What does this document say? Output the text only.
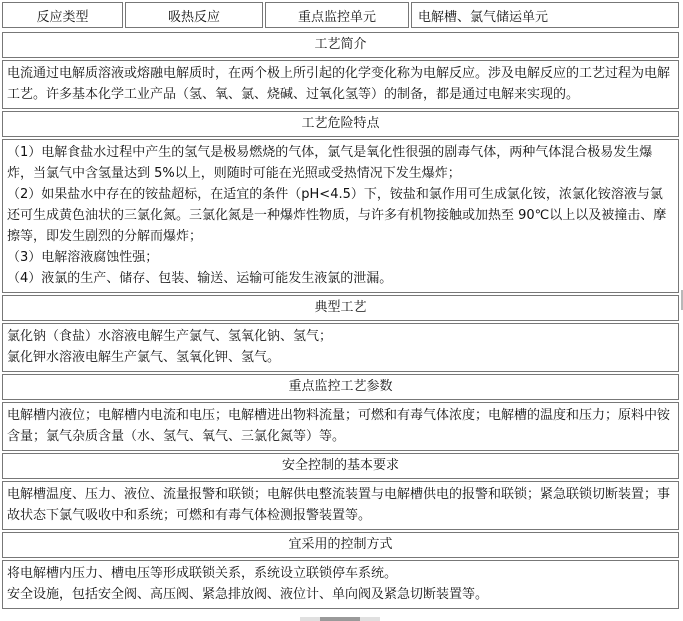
反应类型	吸热反应	重点监控单元	电解槽、氯气储运单元
工艺简介

电流通过电解质溶液或熔融电解质时，在两个极上所引起的化学变化称为电解反应。涉及电解反应的工艺过程为电解工艺。许多基本化学工业产品（氢、氧、氯、烧碱、过氧化氢等）的制备，都是通过电解来实现的。

工艺危险特点

（1）电解食盐水过程中产生的氢气是极易燃烧的气体，氯气是氧化性很强的剧毒气体，两种气体混合极易发生爆炸，当氯气中含氢量达到 5%以上，则随时可能在光照或受热情况下发生爆炸；

（2）如果盐水中存在的铵盐超标，在适宜的条件（pH<4.5）下，铵盐和氯作用可生成氯化铵，浓氯化铵溶液与氯还可生成黄色油状的三氯化氮。三氯化氮是一种爆炸性物质，与许多有机物接触或加热至 90℃以上以及被撞击、摩擦等，即发生剧烈的分解而爆炸；

（3）电解溶液腐蚀性强；

（4）液氯的生产、储存、包装、输送、运输可能发生液氯的泄漏。

典型工艺

氯化钠（食盐）水溶液电解生产氯气、氢氧化钠、氢气；

氯化钾水溶液电解生产氯气、氢氧化钾、氢气。

重点监控工艺参数

电解槽内液位；电解槽内电流和电压；电解槽进出物料流量；可燃和有毒气体浓度；电解槽的温度和压力；原料中铵含量；氯气杂质含量（水、氢气、氧气、三氯化氮等）等。

安全控制的基本要求

电解槽温度、压力、液位、流量报警和联锁；电解供电整流装置与电解槽供电的报警和联锁；紧急联锁切断装置；事故状态下氯气吸收中和系统；可燃和有毒气体检测报警装置等。

宜采用的控制方式

将电解槽内压力、槽电压等形成联锁关系，系统设立联锁停车系统。

安全设施，包括安全阀、高压阀、紧急排放阀、液位计、单向阀及紧急切断装置等。
